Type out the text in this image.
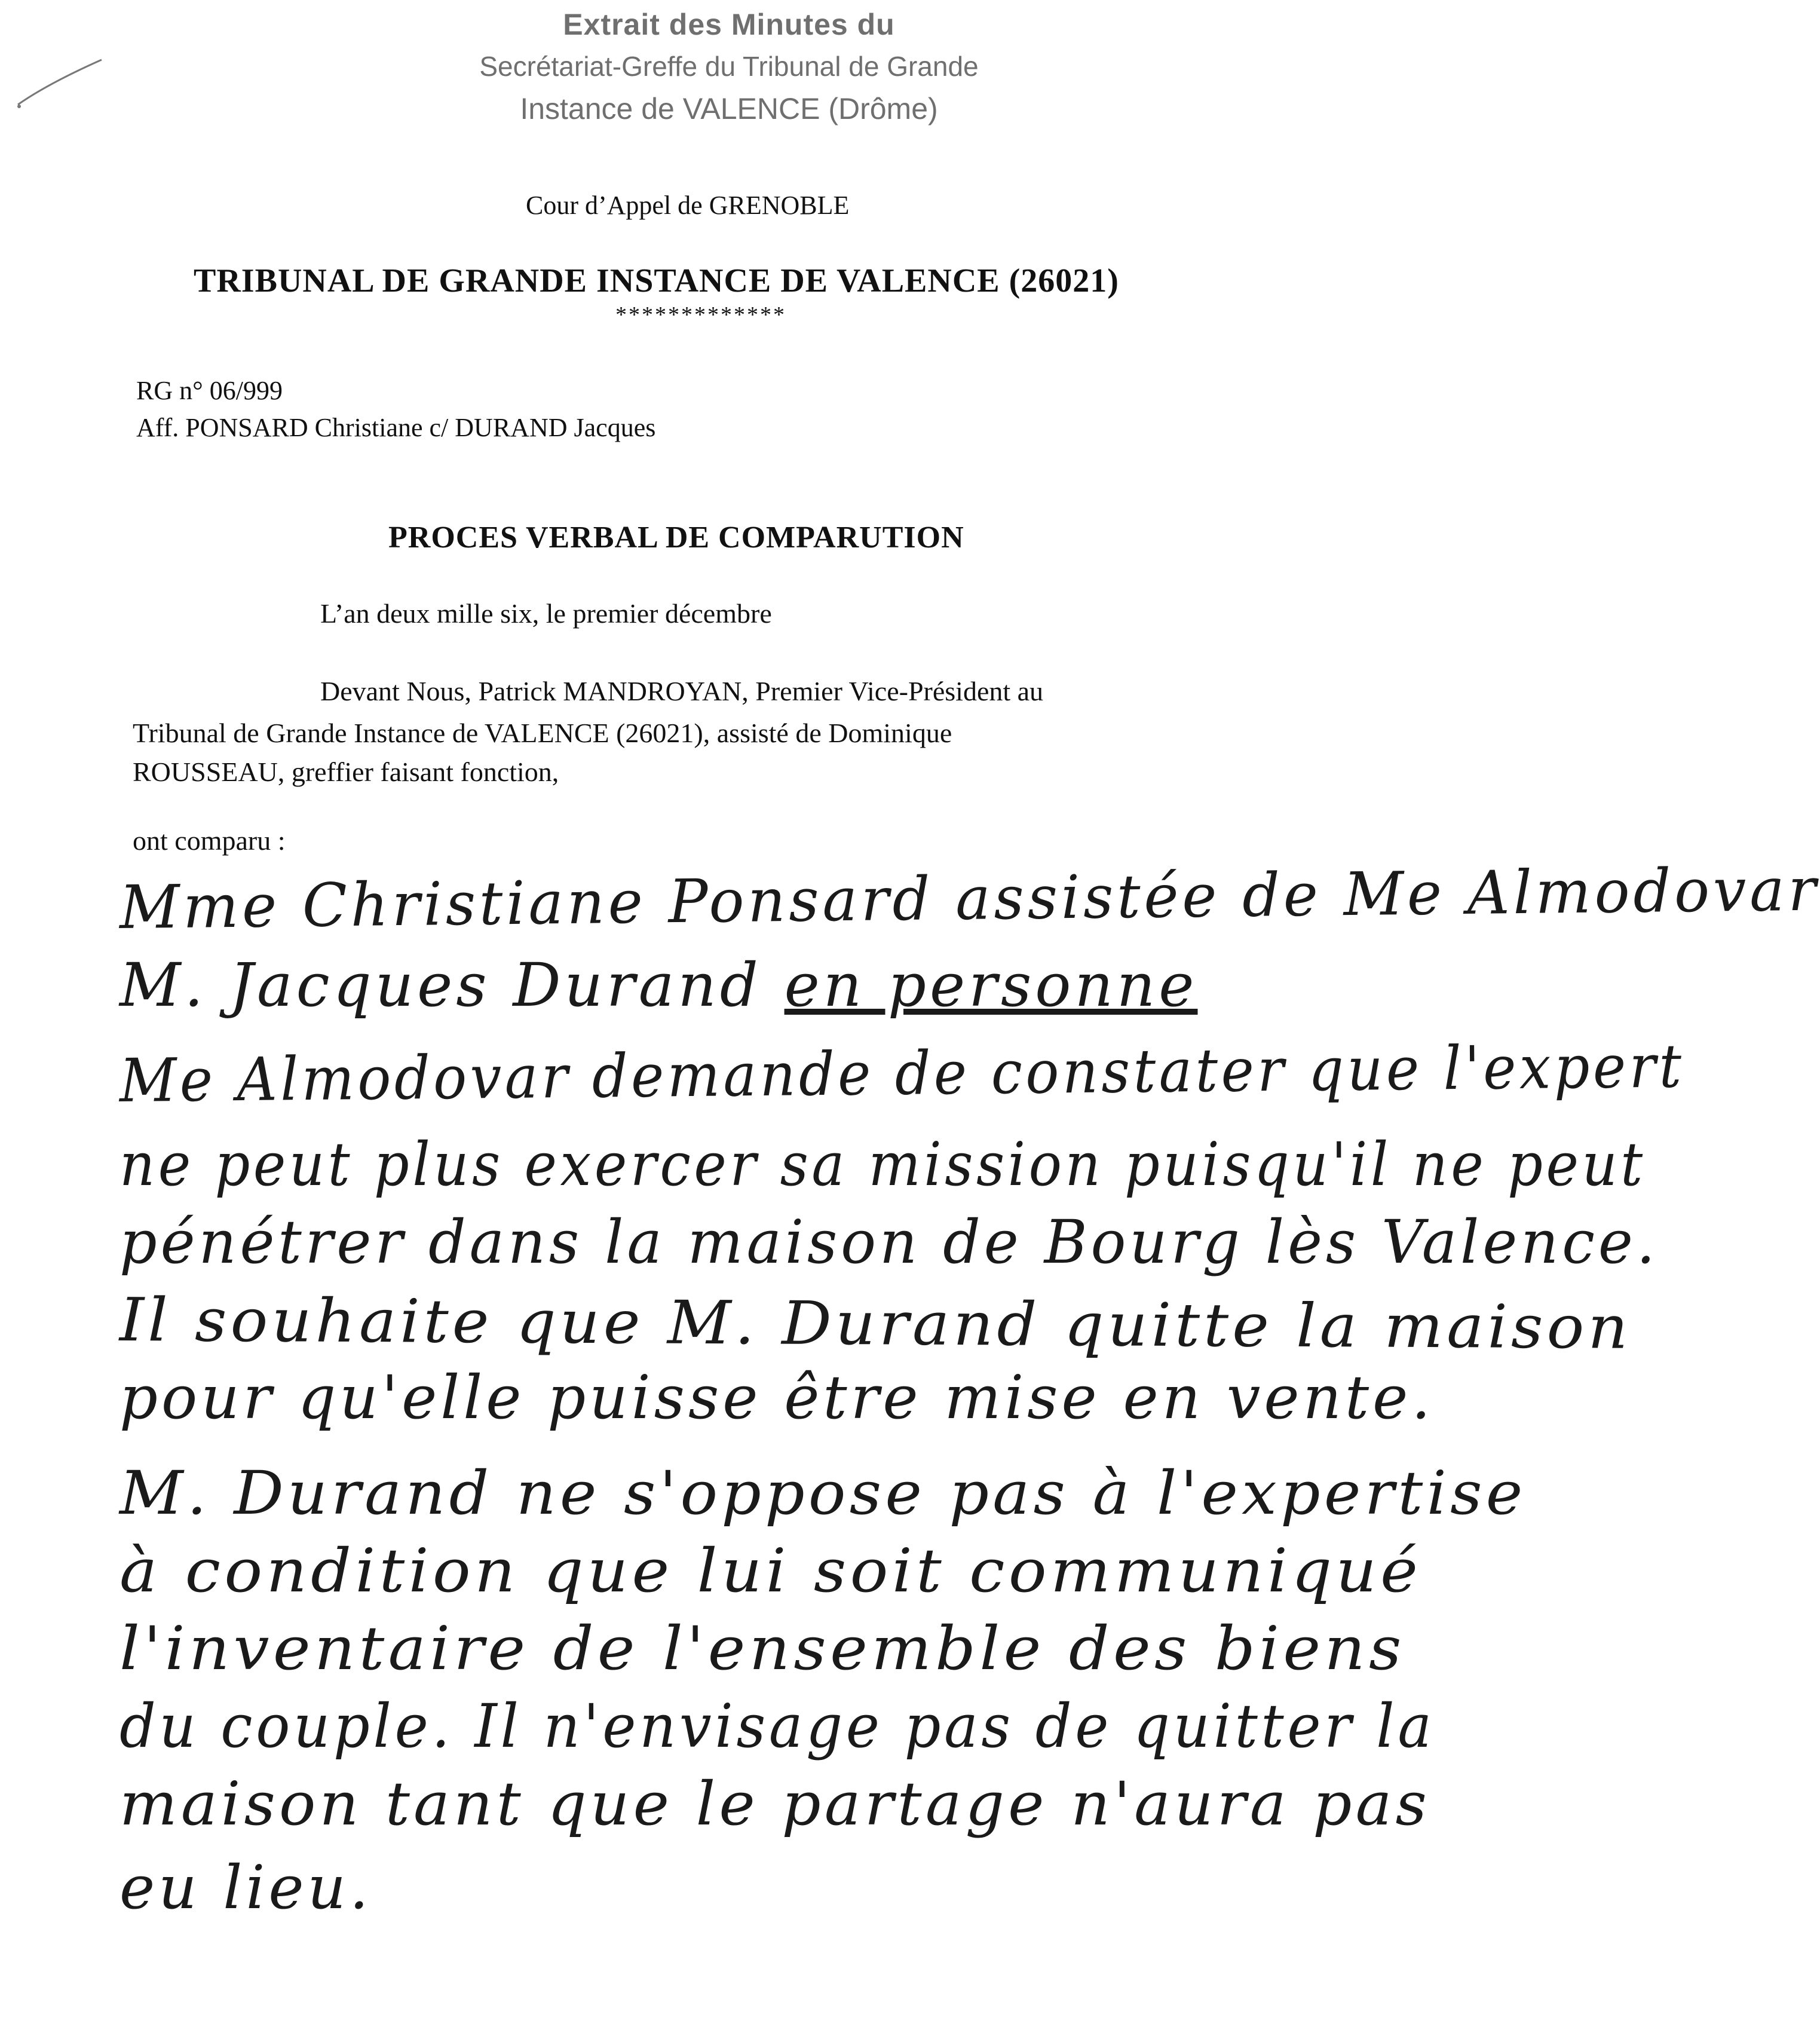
Extrait des Minutes du
Secrétariat-Greffe du Tribunal de Grande
Instance de VALENCE (Drôme)
Cour d’Appel de GRENOBLE
TRIBUNAL DE GRANDE INSTANCE DE VALENCE (26021)
*************
RG n° 06/999
Aff. PONSARD Christiane c/ DURAND Jacques
PROCES VERBAL DE COMPARUTION
L’an deux mille six, le premier décembre
Devant Nous, Patrick MANDROYAN, Premier Vice-Président au
Tribunal de Grande Instance de VALENCE (26021), assisté de Dominique
ROUSSEAU, greffier faisant fonction,
ont comparu :
Mme Christiane Ponsard assistée de Me Almodovar
M. Jacques Durand en personne
Me Almodovar demande de constater que l'expert
ne peut plus exercer sa mission puisqu'il ne peut
pénétrer dans la maison de Bourg lès Valence.
Il souhaite que M. Durand quitte la maison
pour qu'elle puisse être mise en vente.
M. Durand ne s'oppose pas à l'expertise
à condition que lui soit communiqué
l'inventaire de l'ensemble des biens
du couple. Il n'envisage pas de quitter la
maison tant que le partage n'aura pas
eu lieu.
